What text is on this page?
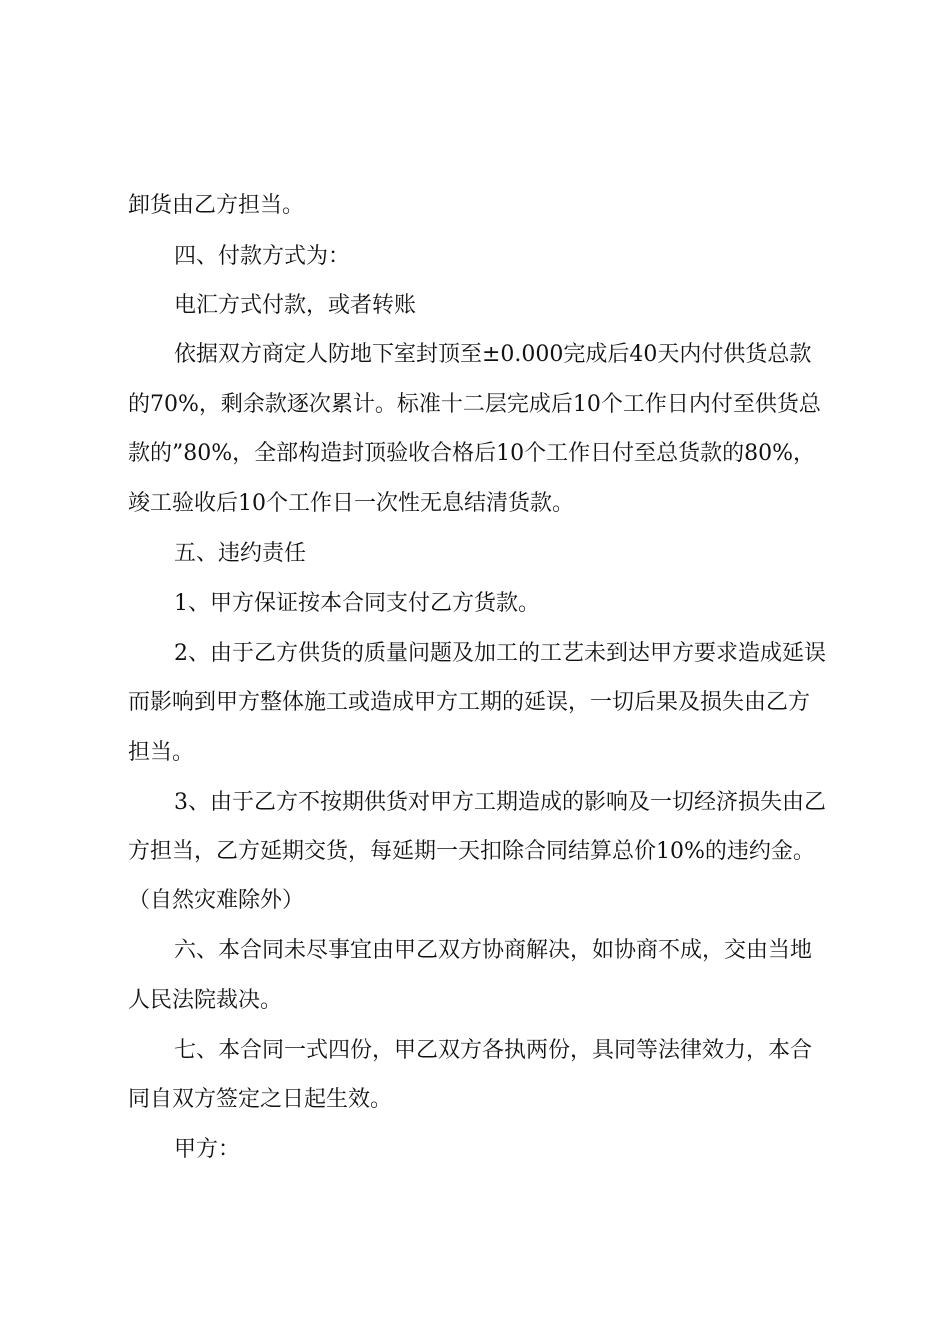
卸货由乙方担当。
四、付款方式为：
电汇方式付款，或者转账
依据双方商定人防地下室封顶至±0.000完成后40天内付供货总款
的70%，剩余款逐次累计。标准十二层完成后10个工作日内付至供货总
款的”80%，全部构造封顶验收合格后10个工作日付至总货款的80%，
竣工验收后10个工作日一次性无息结清货款。
五、违约责任
1、甲方保证按本合同支付乙方货款。
2、由于乙方供货的质量问题及加工的工艺未到达甲方要求造成延误
而影响到甲方整体施工或造成甲方工期的延误，一切后果及损失由乙方
担当。
3、由于乙方不按期供货对甲方工期造成的影响及一切经济损失由乙
方担当，乙方延期交货，每延期一天扣除合同结算总价10%的违约金。
（自然灾难除外）
六、本合同未尽事宜由甲乙双方协商解决，如协商不成，交由当地
人民法院裁决。
七、本合同一式四份，甲乙双方各执两份，具同等法律效力，本合
同自双方签定之日起生效。
甲方：
